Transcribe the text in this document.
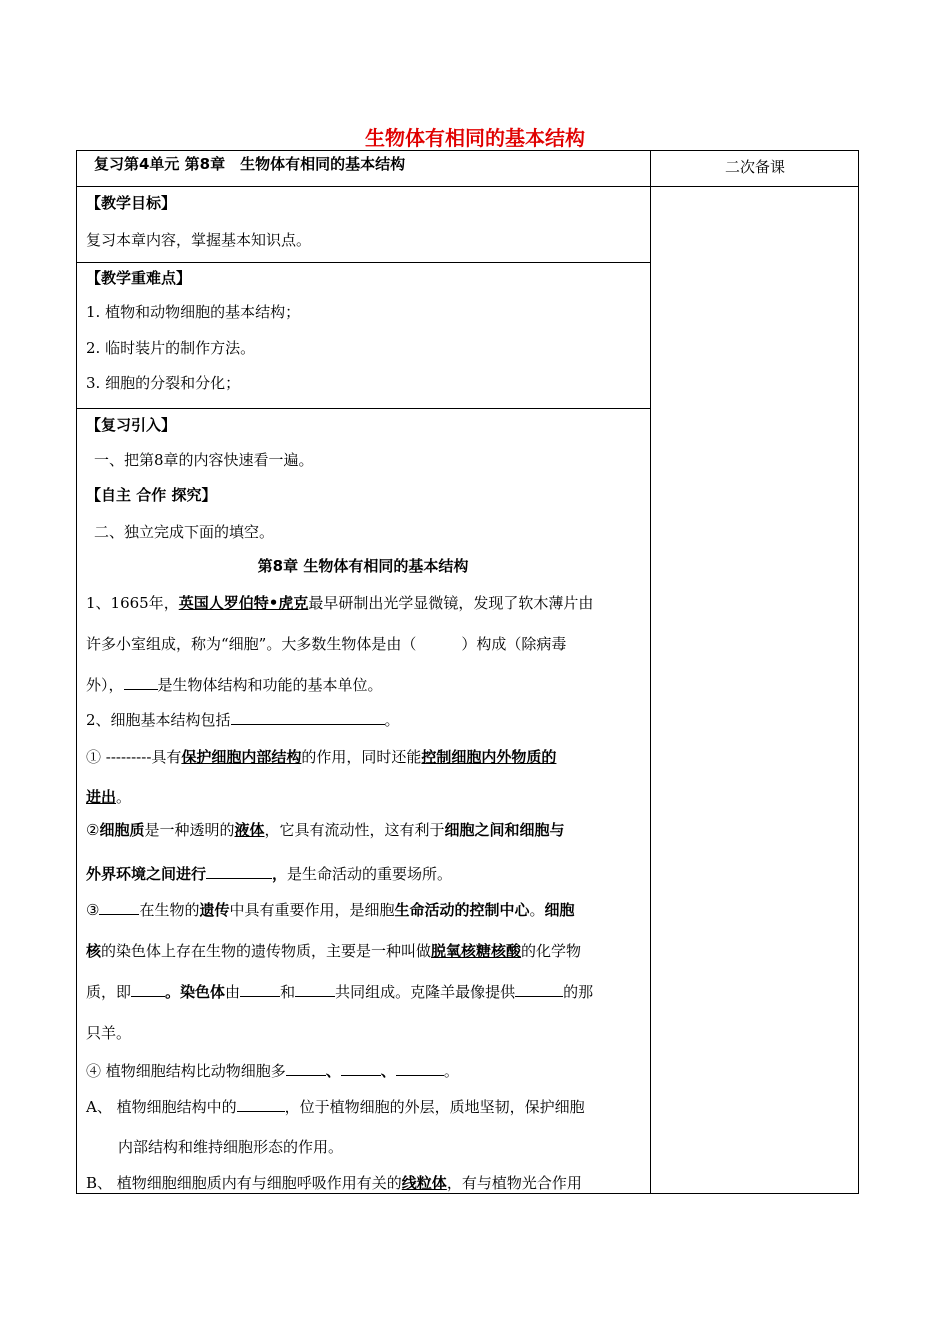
生物体有相同的基本结构
复习第4单元 第8章　生物体有相同的基本结构	二次备课
【教学目标】
复习本章内容，掌握基本知识点。
【教学重难点】
1. 植物和动物细胞的基本结构；
2. 临时装片的制作方法。
3. 细胞的分裂和分化；
【复习引入】
一、把第8章的内容快速看一遍。
【自主 合作 探究】
二、独立完成下面的填空。
第8章 生物体有相同的基本结构
1、1665年，英国人罗伯特•虎克最早研制出光学显微镜，发现了软木薄片由
许多小室组成，称为“细胞”。大多数生物体是由（　　　）构成（除病毒
外）， 是生物体结构和功能的基本单位。
2、细胞基本结构包括	。
① ---------具有保护细胞内部结构的作用，同时还能控制细胞内外物质的
进出。
②细胞质是一种透明的液体，它具有流动性，这有利于细胞之间和细胞与
外界环境之间进行	，是生命活动的重要场所。
③	在生物的遗传中具有重要作用，是细胞生命活动的控制中心。细胞
核的染色体上存在生物的遗传物质，主要是一种叫做脱氧核糖核酸的化学物
质，即 。染色体由	和	共同组成。克隆羊最像提供	的那
只羊。
④ 植物细胞结构比动物细胞多	、	、	。
A、 植物细胞结构中的	，位于植物细胞的外层，质地坚韧，保护细胞
内部结构和维持细胞形态的作用。
B、 植物细胞细胞质内有与细胞呼吸作用有关的线粒体，有与植物光合作用
